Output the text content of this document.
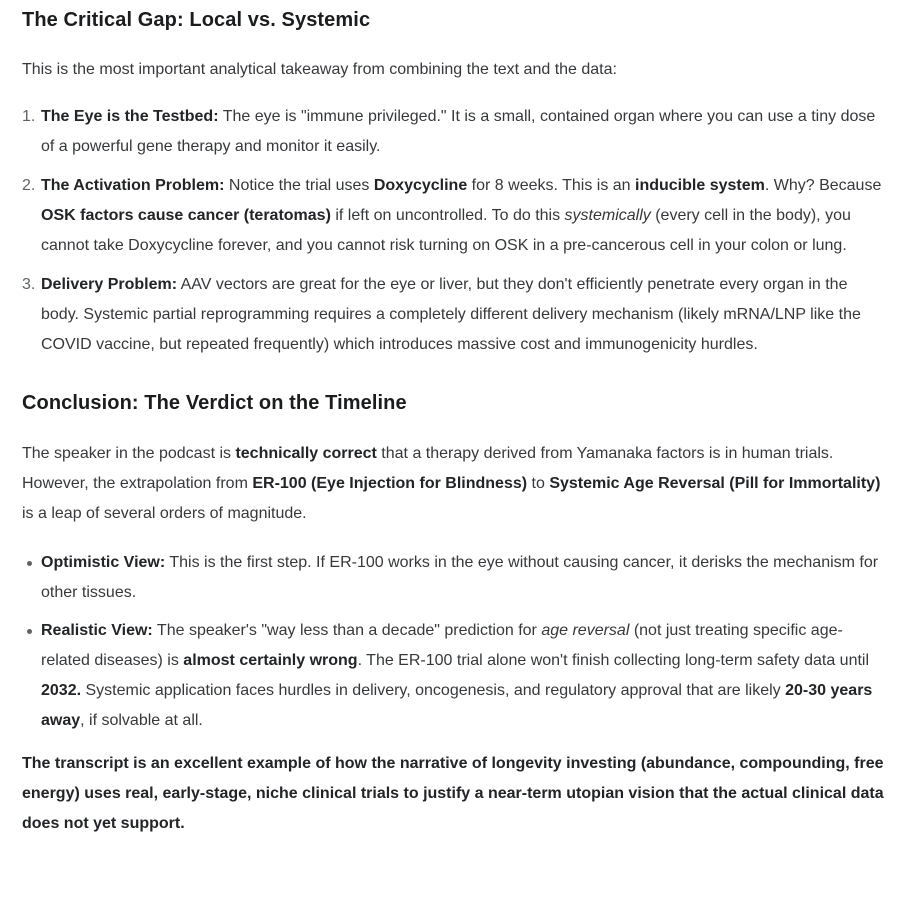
The Critical Gap: Local vs. Systemic

This is the most important analytical takeaway from combining the text and the data:

1. The Eye is the Testbed: The eye is "immune privileged." It is a small, contained organ where you can use a tiny dose of a powerful gene therapy and monitor it easily.
2. The Activation Problem: Notice the trial uses Doxycycline for 8 weeks. This is an inducible system. Why? Because OSK factors cause cancer (teratomas) if left on uncontrolled. To do this systemically (every cell in the body), you cannot take Doxycycline forever, and you cannot risk turning on OSK in a pre-cancerous cell in your colon or lung.
3. Delivery Problem: AAV vectors are great for the eye or liver, but they don't efficiently penetrate every organ in the body. Systemic partial reprogramming requires a completely different delivery mechanism (likely mRNA/LNP like the COVID vaccine, but repeated frequently) which introduces massive cost and immunogenicity hurdles.
Conclusion: The Verdict on the Timeline

The speaker in the podcast is technically correct that a therapy derived from Yamanaka factors is in human trials. However, the extrapolation from ER-100 (Eye Injection for Blindness) to Systemic Age Reversal (Pill for Immortality) is a leap of several orders of magnitude.

Optimistic View: This is the first step. If ER-100 works in the eye without causing cancer, it derisks the mechanism for other tissues.
Realistic View: The speaker's "way less than a decade" prediction for age reversal (not just treating specific age-related diseases) is almost certainly wrong. The ER-100 trial alone won't finish collecting long-term safety data until 2032. Systemic application faces hurdles in delivery, oncogenesis, and regulatory approval that are likely 20-30 years away, if solvable at all.

The transcript is an excellent example of how the narrative of longevity investing (abundance, compounding, free energy) uses real, early-stage, niche clinical trials to justify a near-term utopian vision that the actual clinical data does not yet support.
